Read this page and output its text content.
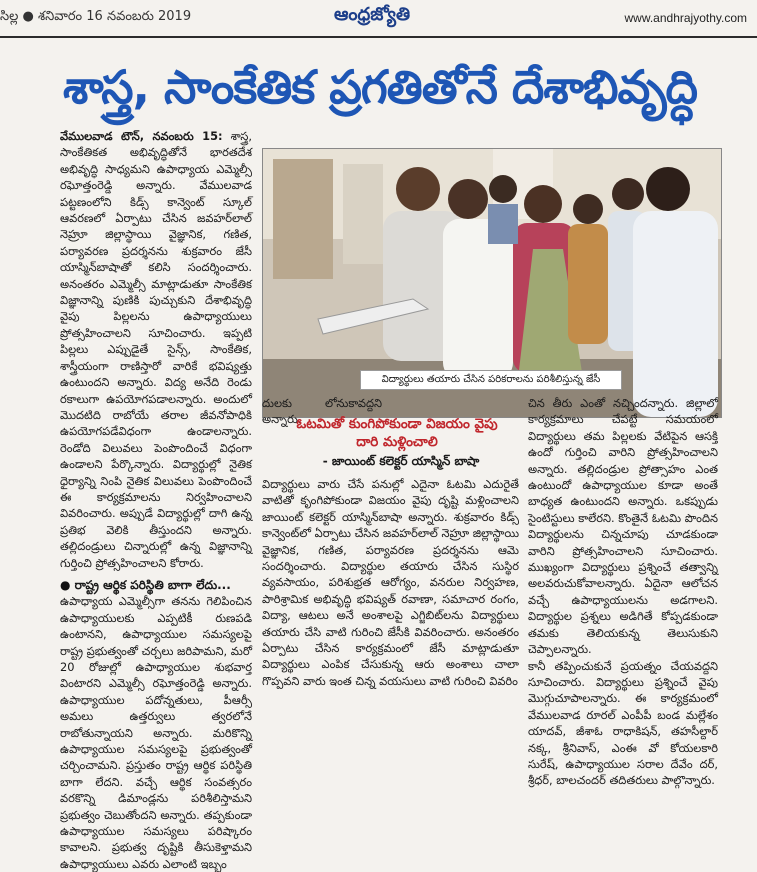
సిల్ల ● శనివారం 16 నవంబరు 2019	ఆంధ్రజ్యోతి	www.andhrajyothy.com
శాస్త్ర, సాంకేతిక ప్రగతితోనే దేశాభివృద్ధి

వేములవాడ టౌన్, నవంబరు 15: శాస్త్ర, సాంకేతికత అభివృద్ధితోనే భారతదేశ అభివృద్ధి సాధ్యమని ఉపాధ్యాయ ఎమ్మెల్సీ రఘోత్తంరెడ్డి అన్నారు. వేములవాడ పట్టణంలోని కిడ్స్ కాన్వెంట్ స్కూల్ ఆవరణలో ఏర్పాటు చేసిన జవహర్‌లాల్ నెహ్రూ జిల్లాస్థాయి వైజ్ఞానిక, గణిత, పర్యావరణ ప్రదర్శనను శుక్రవారం జేసీ యాస్మిన్‌బాషాతో కలిసి సందర్శించారు. అనంతరం ఎమ్మెల్సీ మాట్లాడుతూ సాంకేతిక విజ్ఞానాన్ని పుణికి పుచ్చుకుని దేశాభివృద్ధి వైపు పిల్లలను ఉపాధ్యాయులు ప్రోత్సహించాలని సూచించారు. ఇప్పటి పిల్లలు ఎప్పుడైతే సైన్స్, సాంకేతిక, శాస్త్రీయంగా రాణిస్తారో వారికే భవిష్యత్తు ఉంటుందని అన్నారు. విద్య అనేది రెండు రకాలుగా ఉపయోగపడాలన్నారు. అందులో మొదటిది రాబోయే తరాల జీవనోపాధికి ఉపయోగపడేవిధంగా ఉండాలన్నారు. రెండోది విలువలు పెంపొందించే విధంగా ఉండాలని పేర్కొన్నారు. విద్యార్థుల్లో నైతిక ధైర్యాన్ని నింపి నైతిక విలువలు పెంపొందించే ఈ కార్యక్రమాలను నిర్వహించాలని వివరించారు. అప్పుడే విద్యార్థుల్లో దాగి ఉన్న ప్రతిభ వెలికి తీస్తుందని అన్నారు. తల్లిదండ్రులు చిన్నారుల్లో ఉన్న విజ్ఞానాన్ని గుర్తించి ప్రోత్సహించాలని కోరారు.

● రాష్ట్ర ఆర్థిక పరిస్థితి బాగా లేదు...

ఉపాధ్యాయ ఎమ్మెల్సీగా తనను గెలిపించిన ఉపాధ్యాయులకు ఎప్పటికీ రుణపడి ఉంటానని, ఉపాధ్యాయుల సమస్యలపై రాష్ట్ర ప్రభుత్వంతో చర్చలు జరిపామని, మరో 20 రోజుల్లో ఉపాధ్యాయుల శుభవార్త వింటారని ఎమ్మెల్సీ రఘోత్తంరెడ్డి అన్నారు. ఉపాధ్యాయుల పదోన్నతులు, పీఆర్సీ అమలు ఉత్తర్వులు త్వరలోనే రాబోతున్నాయని అన్నారు. మరికొన్ని ఉపాధ్యాయుల సమస్యలపై ప్రభుత్వంతో చర్చించామని. ప్రస్తుతం రాష్ట్ర ఆర్థిక పరిస్థితి బాగా లేదని. వచ్చే ఆర్థిక సంవత్సరం వరకొన్ని డిమాండ్లను పరిశీలిస్తామని ప్రభుత్వం చెబుతోందని అన్నారు. తప్పకుండా ఉపాధ్యాయుల సమస్యలు పరిష్కారం కావాలని. ప్రభుత్వ దృష్టికి తీసుకెళ్తామని ఉపాధ్యాయులు ఎవరు ఎలాంటి ఇబ్బం

విద్యార్థులు తయారు చేసిన పరికరాలను పరిశీలిస్తున్న జేసీ

దులకు లోనుకావద్దని అన్నారు.

ఓటమితో కుంగిపోకుండా విజయం వైపు దారి మళ్లించాలి
- జాయింట్ కలెక్టర్ యాస్మిన్ బాషా

విద్యార్థులు వారు చేసే పనుల్లో ఎదైనా ఓటమి ఎదురైతే వాటితో కృంగిపోకుండా విజయం వైపు దృష్టి మళ్లించాలని జాయింట్ కలెక్టర్ యాస్మిన్‌బాషా అన్నారు. శుక్రవారం కిడ్స్ కాన్వెంట్‌లో ఏర్పాటు చేసిన జవహర్‌లాల్ నెహ్రూ జిల్లాస్థాయి వైజ్ఞానిక, గణిత, పర్యావరణ ప్రదర్శనను ఆమె సందర్శించారు. విద్యార్థుల తయారు చేసిన సుస్థిర వ్యవసాయం, పరిశుభ్రత ఆరోగ్యం, వనరుల నిర్వహణ, పారిశ్రామిక అభివృద్ధి భవిష్యత్ రవాణా, సమాచార రంగం, విద్యా, ఆటలు అనే అంశాలపై ఎగ్జిబిట్‌లను విద్యార్థులు తయారు చేసి వాటి గురించి జేసీకి వివరించారు. అనంతరం ఏర్పాటు చేసిన కార్యక్రమంలో జేసీ మాట్లాడుతూ విద్యార్థులు ఎంపిక చేసుకున్న ఆరు అంశాలు చాలా గొప్పవని వారు ఇంత చిన్న వయసులు వాటి గురించి వివరిం

చిన తీరు ఎంతో నచ్చిందన్నారు. జిల్లాలో కార్యక్రమాలు చేపట్టే సమయంలో విద్యార్థులు తమ పిల్లలకు వేటిపైన ఆసక్తి ఉందో గుర్తించి వారిని ప్రోత్సహించాలని అన్నారు. తల్లిదండ్రుల ప్రోత్సాహం ఎంత ఉంటుందో ఉపాధ్యాయుల కూడా అంతే బాధ్యత ఉంటుందని అన్నారు. ఒకప్పుడు సైంటిస్టులు కాలేరని. కొంతైనే ఓటమి పొందిన విద్యార్థులను చిన్నచూపు చూడకుండా వారిని ప్రోత్సహించాలని సూచించారు. ముఖ్యంగా విద్యార్థులు ప్రశ్నించే తత్వాన్ని అలవరుచుకోవాలన్నారు. ఏదైనా ఆలోచన వచ్చే ఉపాధ్యాయులను అడగాలని. విద్యార్థుల ప్రశ్నలు అడిగితే కోప్పడకుండా తమకు తెలియకున్న తెలుసుకుని చెప్పాలన్నారు.

కానీ తప్పించుకునే ప్రయత్నం చేయవద్దని సూచించారు. విద్యార్థులు ప్రశ్నించే వైపు మొగ్గుచూపాలన్నారు. ఈ కార్యక్రమంలో వేములవాడ రూరల్ ఎంపీపీ బండ మల్లేశం యాదవ్, జీశాఓ రాధాకిషన్, తహసీల్దార్ నక్క, శ్రీనివాస్, ఎంఈ వో కోయలకారి సురేష్, ఉపాధ్యాయుల సరాల దేవేం దర్, శ్రీధర్, బాలచందర్ తదితరులు పాల్గొన్నారు.
